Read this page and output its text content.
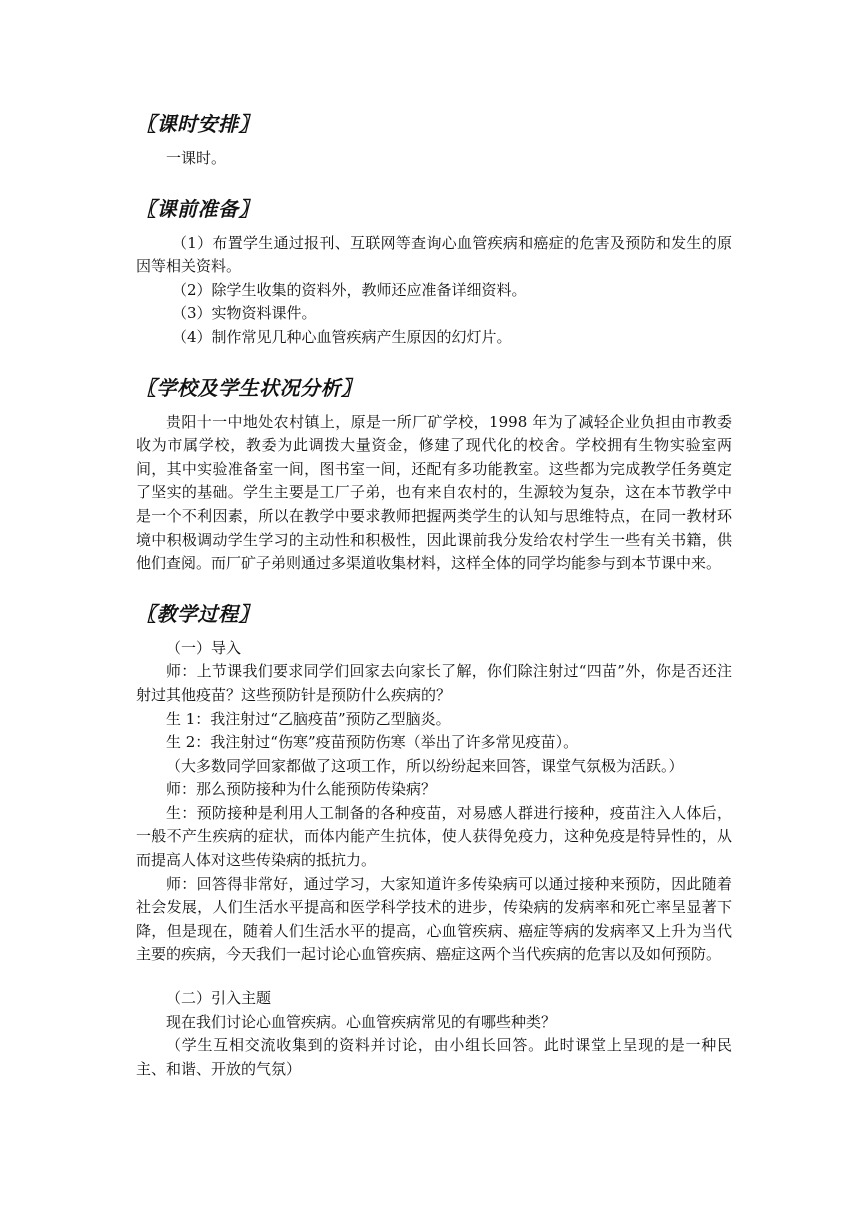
〖课时安排〗

一课时。

〖课前准备〗

（1）布置学生通过报刊、互联网等查询心血管疾病和癌症的危害及预防和发生的原因等相关资料。

（2）除学生收集的资料外，教师还应准备详细资料。

（3）实物资料课件。

（4）制作常见几种心血管疾病产生原因的幻灯片。

〖学校及学生状况分析〗

贵阳十一中地处农村镇上，原是一所厂矿学校，1998 年为了减轻企业负担由市教委收为市属学校，教委为此调拨大量资金，修建了现代化的校舍。学校拥有生物实验室两间，其中实验准备室一间，图书室一间，还配有多功能教室。这些都为完成教学任务奠定了坚实的基础。学生主要是工厂子弟，也有来自农村的，生源较为复杂，这在本节教学中是一个不利因素，所以在教学中要求教师把握两类学生的认知与思维特点，在同一教材环境中积极调动学生学习的主动性和积极性，因此课前我分发给农村学生一些有关书籍，供他们查阅。而厂矿子弟则通过多渠道收集材料，这样全体的同学均能参与到本节课中来。

〖教学过程〗

（一）导入

师：上节课我们要求同学们回家去向家长了解，你们除注射过“四苗”外，你是否还注射过其他疫苗？这些预防针是预防什么疾病的？

生 1：我注射过“乙脑疫苗”预防乙型脑炎。

生 2：我注射过“伤寒”疫苗预防伤寒（举出了许多常见疫苗）。

（大多数同学回家都做了这项工作，所以纷纷起来回答，课堂气氛极为活跃。）

师：那么预防接种为什么能预防传染病？

生：预防接种是利用人工制备的各种疫苗，对易感人群进行接种，疫苗注入人体后，一般不产生疾病的症状，而体内能产生抗体，使人获得免疫力，这种免疫是特异性的，从而提高人体对这些传染病的抵抗力。

师：回答得非常好，通过学习，大家知道许多传染病可以通过接种来预防，因此随着社会发展，人们生活水平提高和医学科学技术的进步，传染病的发病率和死亡率呈显著下降，但是现在，随着人们生活水平的提高，心血管疾病、癌症等病的发病率又上升为当代主要的疾病，今天我们一起讨论心血管疾病、癌症这两个当代疾病的危害以及如何预防。

（二）引入主题

现在我们讨论心血管疾病。心血管疾病常见的有哪些种类？

（学生互相交流收集到的资料并讨论，由小组长回答。此时课堂上呈现的是一种民主、和谐、开放的气氛）
